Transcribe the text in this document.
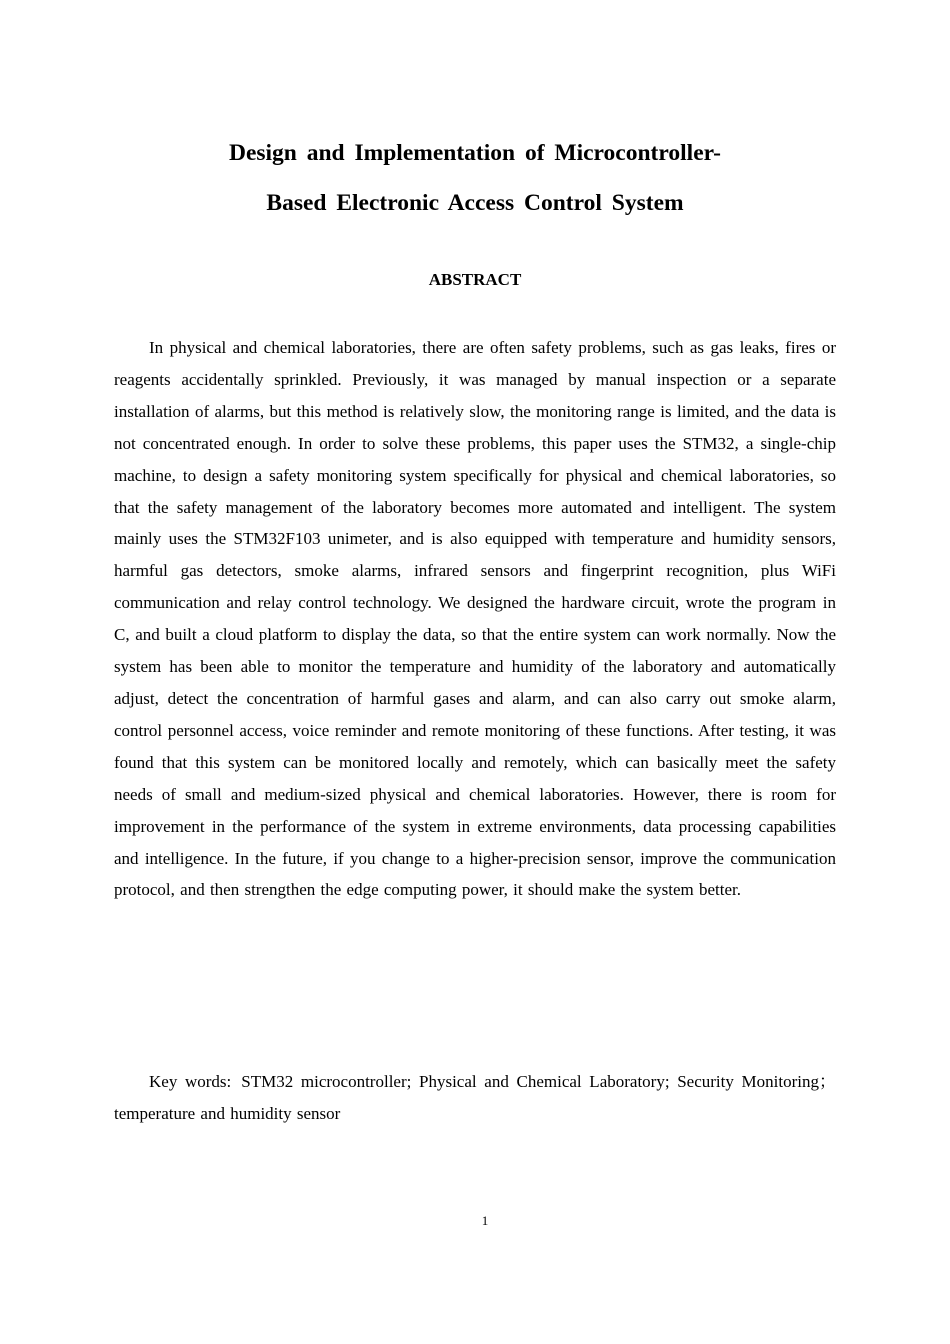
Design and Implementation of Microcontroller-
Based Electronic Access Control System
ABSTRACT

In physical and chemical laboratories, there are often safety problems, such as gas leaks, fires or reagents accidentally sprinkled. Previously, it was managed by manual inspection or a separate installation of alarms, but this method is relatively slow, the monitoring range is limited, and the data is not concentrated enough. In order to solve these problems, this paper uses the STM32, a single-chip machine, to design a safety monitoring system specifically for physical and chemical laboratories, so that the safety management of the laboratory becomes more automated and intelligent. The system mainly uses the STM32F103 unimeter, and is also equipped with temperature and humidity sensors, harmful gas detectors, smoke alarms, infrared sensors and fingerprint recognition, plus WiFi communication and relay control technology. We designed the hardware circuit, wrote the program in C, and built a cloud platform to display the data, so that the entire system can work normally. Now the system has been able to monitor the temperature and humidity of the laboratory and automatically adjust, detect the concentration of harmful gases and alarm, and can also carry out smoke alarm, control personnel access, voice reminder and remote monitoring of these functions. After testing, it was found that this system can be monitored locally and remotely, which can basically meet the safety needs of small and medium-sized physical and chemical laboratories. However, there is room for improvement in the performance of the system in extreme environments, data processing capabilities and intelligence. In the future, if you change to a higher-precision sensor, improve the communication protocol, and then strengthen the edge computing power, it should make the system better.

Key words: STM32 microcontroller; Physical and Chemical Laboratory; Security Monitoring；temperature and humidity sensor

1
